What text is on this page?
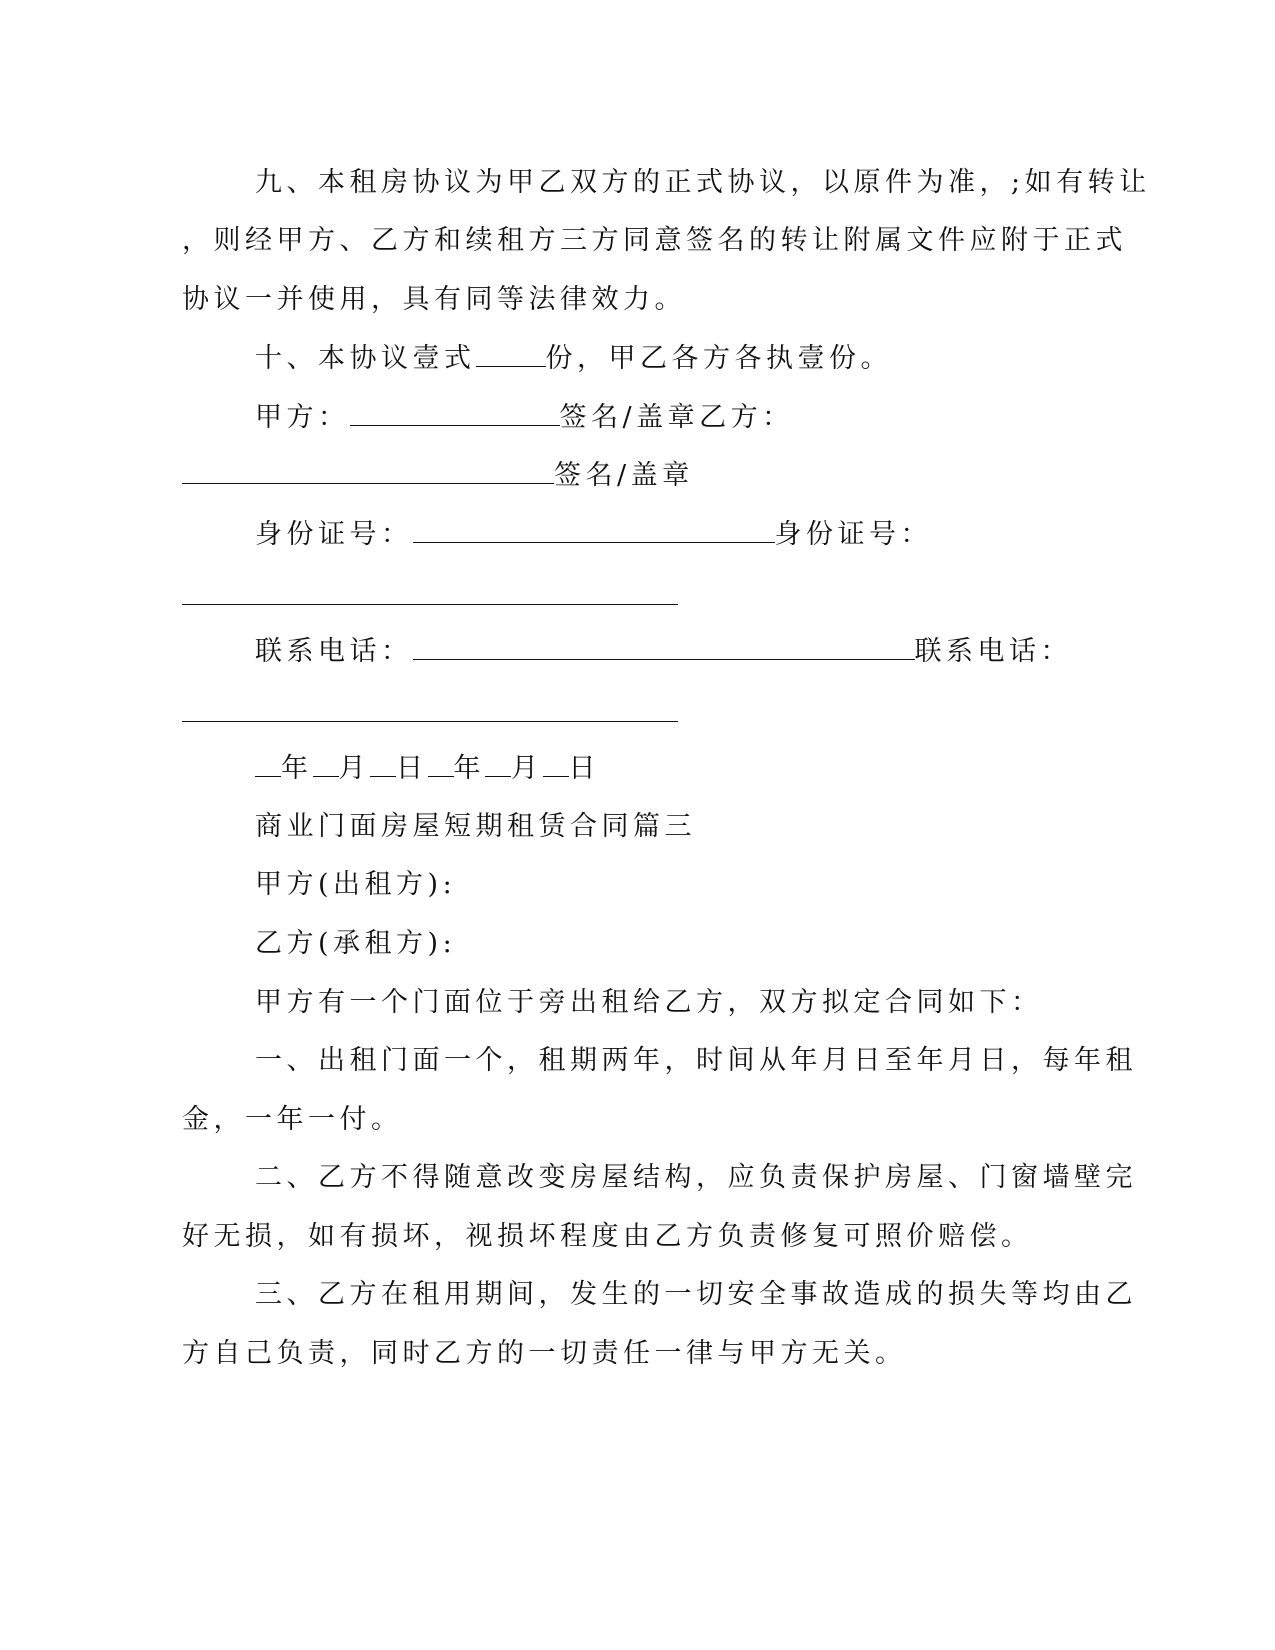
九、本租房协议为甲乙双方的正式协议，以原件为准，;如有转让
，则经甲方、乙方和续租方三方同意签名的转让附属文件应附于正式
协议一并使用，具有同等法律效力。
十、本协议壹式	份，甲乙各方各执壹份。
甲方：	签名/盖章乙方：
签名/盖章
身份证号：	身份证号：
联系电话：	联系电话：
年 月 日 年 月 日
商业门面房屋短期租赁合同篇三
甲方(出租方):
乙方(承租方):
甲方有一个门面位于旁出租给乙方，双方拟定合同如下：
一、出租门面一个，租期两年，时间从年月日至年月日，每年租
金，一年一付。
二、乙方不得随意改变房屋结构，应负责保护房屋、门窗墙壁完
好无损，如有损坏，视损坏程度由乙方负责修复可照价赔偿。
三、乙方在租用期间，发生的一切安全事故造成的损失等均由乙
方自己负责，同时乙方的一切责任一律与甲方无关。
